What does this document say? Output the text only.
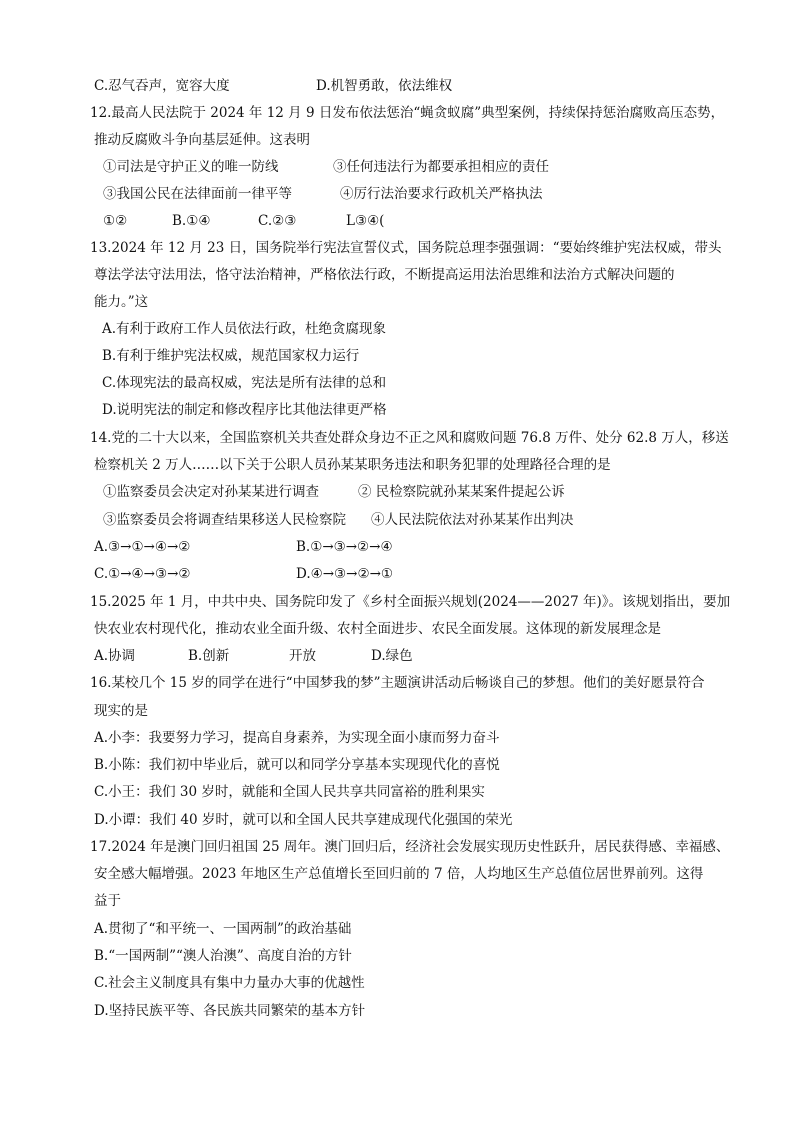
C.忍气吞声，宽容大度	D.机智勇敢，依法维权
12.最高人民法院于 2024 年 12 月 9 日发布依法惩治“蝇贪蚁腐”典型案例，持续保持惩治腐败高压态势，
推动反腐败斗争向基层延伸。这表明
①司法是守护正义的唯一防线	③任何违法行为都要承担相应的责任
③我国公民在法律面前一律平等	④厉行法治要求行政机关严格执法
①②	B.①④	C.②③	L③④(
13.2024 年 12 月 23 日，国务院举行宪法宣誓仪式，国务院总理李强强调：“要始终维护宪法权威，带头
尊法学法守法用法，恪守法治精神，严格依法行政，不断提高运用法治思维和法治方式解决问题的
能力。”这
A.有利于政府工作人员依法行政，杜绝贪腐现象
B.有利于维护宪法权威，规范国家权力运行
C.体现宪法的最高权威，宪法是所有法律的总和
D.说明宪法的制定和修改程序比其他法律更严格
14.党的二十大以来，全国监察机关共查处群众身边不正之风和腐败问题 76.8 万件、处分 62.8 万人，移送
检察机关 2 万人……以下关于公职人员孙某某职务违法和职务犯罪的处理路径合理的是
①监察委员会决定对孙某某进行调查	② 民检察院就孙某某案件提起公诉
③监察委员会将调查结果移送人民检察院 ④人民法院依法对孙某某作出判决
A.③→①→④→②	B.①→③→②→④
C.①→④→③→②	D.④→③→②→①
15.2025 年 1 月，中共中央、国务院印发了《乡村全面振兴规划(2024——2027 年)》。该规划指出，要加
快农业农村现代化，推动农业全面升级、农村全面进步、农民全面发展。这体现的新发展理念是
A.协调	B.创新	开放	D.绿色
16.某校几个 15 岁的同学在进行“中国梦我的梦”主题演讲活动后畅谈自己的梦想。他们的美好愿景符合
现实的是
A.小李：我要努力学习，提高自身素养，为实现全面小康而努力奋斗
B.小陈：我们初中毕业后，就可以和同学分享基本实现现代化的喜悦
C.小王：我们 30 岁时，就能和全国人民共享共同富裕的胜利果实
D.小谭：我们 40 岁时，就可以和全国人民共享建成现代化强国的荣光
17.2024 年是澳门回归祖国 25 周年。澳门回归后，经济社会发展实现历史性跃升，居民获得感、幸福感、
安全感大幅增强。2023 年地区生产总值增长至回归前的 7 倍，人均地区生产总值位居世界前列。这得
益于
A.贯彻了“和平统一、一国两制”的政治基础
B.“一国两制”“澳人治澳”、高度自治的方针
C.社会主义制度具有集中力量办大事的优越性
D.坚持民族平等、各民族共同繁荣的基本方针
